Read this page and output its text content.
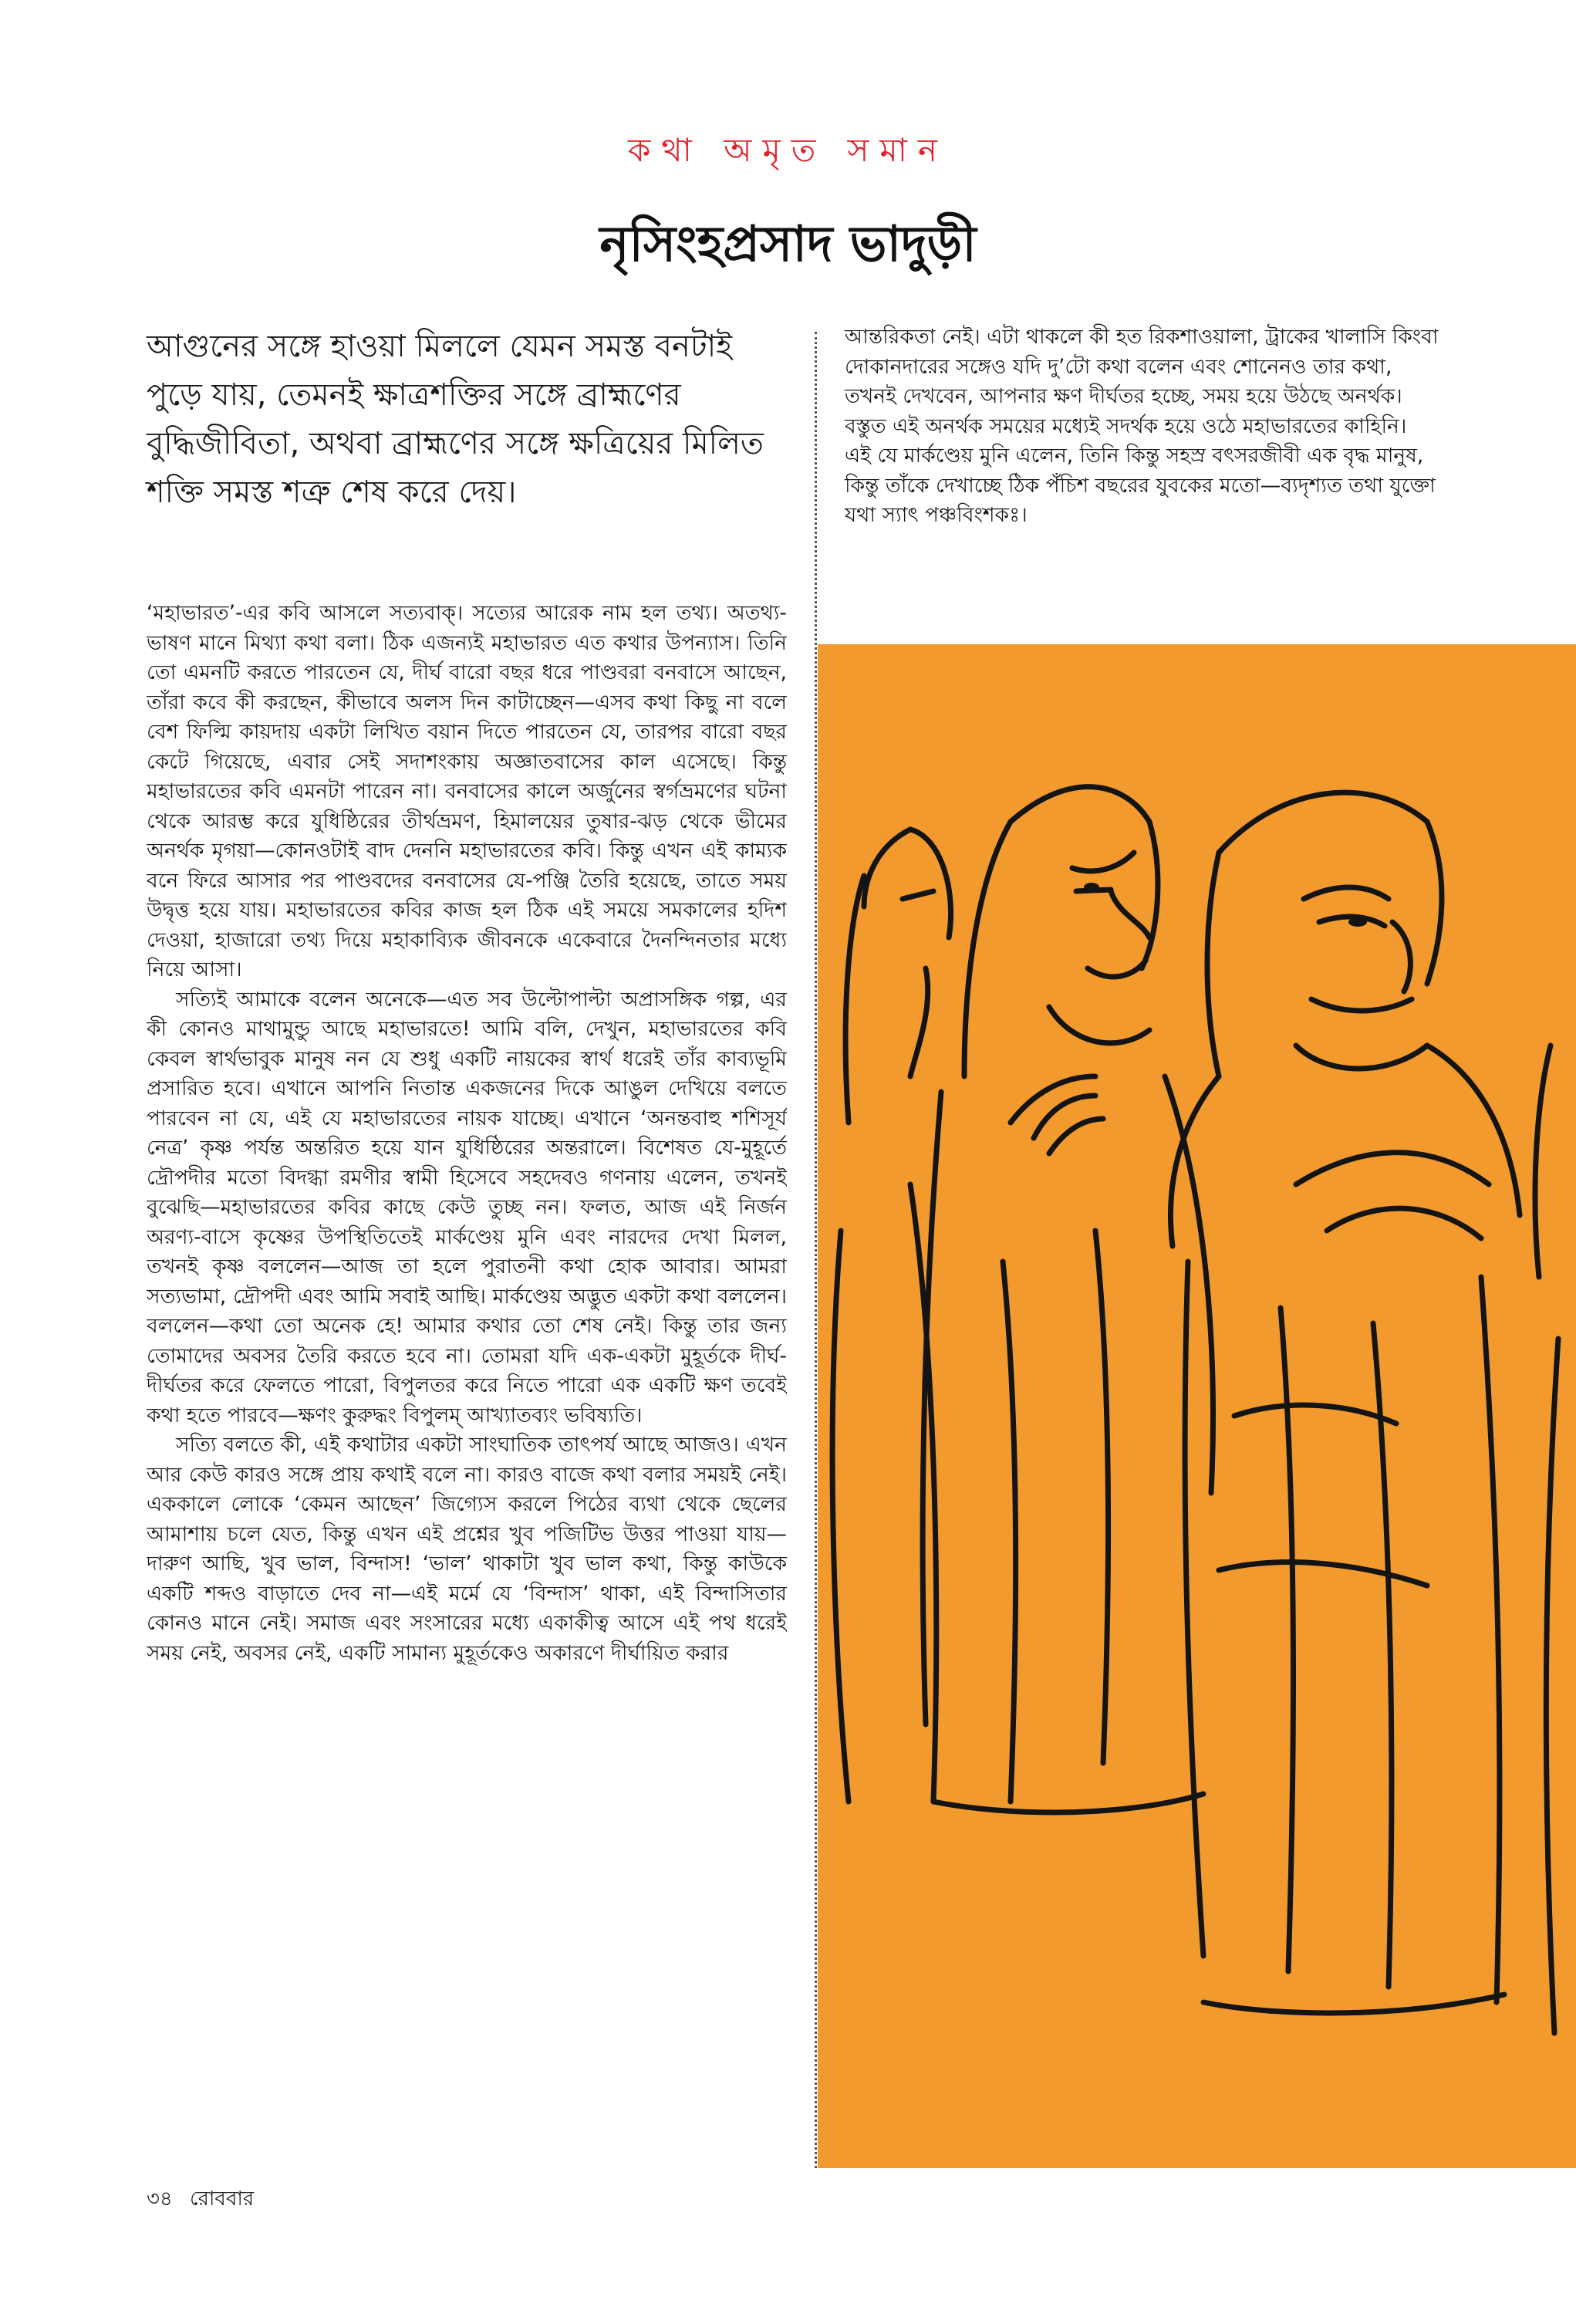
কথা অমৃত সমান
নৃসিংহপ্রসাদ ভাদুড়ী

আগুনের সঙ্গে হাওয়া মিললে যেমন সমস্ত বনটাই পুড়ে যায়, তেমনই ক্ষাত্রশক্তির সঙ্গে ব্রাহ্মণের বুদ্ধিজীবিতা, অথবা ব্রাহ্মণের সঙ্গে ক্ষত্রিয়ের মিলিত শক্তি সমস্ত শত্রু শেষ করে দেয়।

‘মহাভারত’-এর কবি আসলে সত্যবাক্। সত্যের আরেক নাম হল তথ্য। অতথ্য-ভাষণ মানে মিথ্যা কথা বলা। ঠিক এজন্যই মহাভারত এত কথার উপন্যাস। তিনি তো এমনটি করতে পারতেন যে, দীর্ঘ বারো বছর ধরে পাণ্ডবরা বনবাসে আছেন, তাঁরা কবে কী করছেন, কীভাবে অলস দিন কাটাচ্ছেন—এসব কথা কিছু না বলে বেশ ফিল্মি কায়দায় একটা লিখিত বয়ান দিতে পারতেন যে, তারপর বারো বছর কেটে গিয়েছে, এবার সেই সদাশংকায় অজ্ঞাতবাসের কাল এসেছে। কিন্তু মহাভারতের কবি এমনটা পারেন না। বনবাসের কালে অর্জুনের স্বর্গভ্রমণের ঘটনা থেকে আরম্ভ করে যুধিষ্ঠিরের তীর্থভ্রমণ, হিমালয়ের তুষার-ঝড় থেকে ভীমের অনর্থক মৃগয়া—কোনওটাই বাদ দেননি মহাভারতের কবি। কিন্তু এখন এই কাম্যক বনে ফিরে আসার পর পাণ্ডবদের বনবাসের যে-পঞ্জি তৈরি হয়েছে, তাতে সময় উদ্বৃত্ত হয়ে যায়। মহাভারতের কবির কাজ হল ঠিক এই সময়ে সমকালের হদিশ দেওয়া, হাজারো তথ্য দিয়ে মহাকাব্যিক জীবনকে একেবারে দৈনন্দিনতার মধ্যে নিয়ে আসা।

সত্যিই আমাকে বলেন অনেকে—এত সব উল্টোপাল্টা অপ্রাসঙ্গিক গল্প, এর কী কোনও মাথামুন্ডু আছে মহাভারতে! আমি বলি, দেখুন, মহাভারতের কবি কেবল স্বার্থভাবুক মানুষ নন যে শুধু একটি নায়কের স্বার্থ ধরেই তাঁর কাব্যভূমি প্রসারিত হবে। এখানে আপনি নিতান্ত একজনের দিকে আঙুল দেখিয়ে বলতে পারবেন না যে, এই যে মহাভারতের নায়ক যাচ্ছে। এখানে ‘অনন্তবাহু শশিসূর্য নেত্র’ কৃষ্ণ পর্যন্ত অন্তরিত হয়ে যান যুধিষ্ঠিরের অন্তরালে। বিশেষত যে-মুহূর্তে দ্রৌপদীর মতো বিদগ্ধা রমণীর স্বামী হিসেবে সহদেবও গণনায় এলেন, তখনই বুঝেছি—মহাভারতের কবির কাছে কেউ তুচ্ছ নন। ফলত, আজ এই নির্জন অরণ্য-বাসে কৃষ্ণের উপস্থিতিতেই মার্কণ্ডেয় মুনি এবং নারদের দেখা মিলল, তখনই কৃষ্ণ বললেন—আজ তা হলে পুরাতনী কথা হোক আবার। আমরা সত্যভামা, দ্রৌপদী এবং আমি সবাই আছি। মার্কণ্ডেয় অদ্ভুত একটা কথা বললেন। বললেন—কথা তো অনেক হে! আমার কথার তো শেষ নেই। কিন্তু তার জন্য তোমাদের অবসর তৈরি করতে হবে না। তোমরা যদি এক-একটা মুহূর্তকে দীর্ঘ-দীর্ঘতর করে ফেলতে পারো, বিপুলতর করে নিতে পারো এক একটি ক্ষণ তবেই কথা হতে পারবে—ক্ষণং কুরুদ্ধং বিপুলম্ আখ্যাতব্যং ভবিষ্যতি।

সত্যি বলতে কী, এই কথাটার একটা সাংঘাতিক তাৎপর্য আছে আজও। এখন আর কেউ কারও সঙ্গে প্রায় কথাই বলে না। কারও বাজে কথা বলার সময়ই নেই। এককালে লোকে ‘কেমন আছেন’ জিগ্যেস করলে পিঠের ব্যথা থেকে ছেলের আমাশায় চলে যেত, কিন্তু এখন এই প্রশ্নের খুব পজিটিভ উত্তর পাওয়া যায়—দারুণ আছি, খুব ভাল, বিন্দাস! ‘ভাল’ থাকাটা খুব ভাল কথা, কিন্তু কাউকে একটি শব্দও বাড়াতে দেব না—এই মর্মে যে ‘বিন্দাস’ থাকা, এই বিন্দাসিতার কোনও মানে নেই। সমাজ এবং সংসারের মধ্যে একাকীত্ব আসে এই পথ ধরেই সময় নেই, অবসর নেই, একটি সামান্য মুহূর্তকেও অকারণে দীর্ঘায়িত করার

আন্তরিকতা নেই। এটা থাকলে কী হত রিকশাওয়ালা, ট্রাকের খালাসি কিংবা দোকানদারের সঙ্গেও যদি দু’টো কথা বলেন এবং শোনেনও তার কথা, তখনই দেখবেন, আপনার ক্ষণ দীর্ঘতর হচ্ছে, সময় হয়ে উঠছে অনর্থক। বস্তুত এই অনর্থক সময়ের মধ্যেই সদর্থক হয়ে ওঠে মহাভারতের কাহিনি। এই যে মার্কণ্ডেয় মুনি এলেন, তিনি কিন্তু সহস্র বৎসরজীবী এক বৃদ্ধ মানুষ, কিন্তু তাঁকে দেখাচ্ছে ঠিক পঁচিশ বছরের যুবকের মতো—ব্যদৃশ্যত তথা যুক্তো যথা স্যাৎ পঞ্চবিংশকঃ।

৩৪ রোববার
